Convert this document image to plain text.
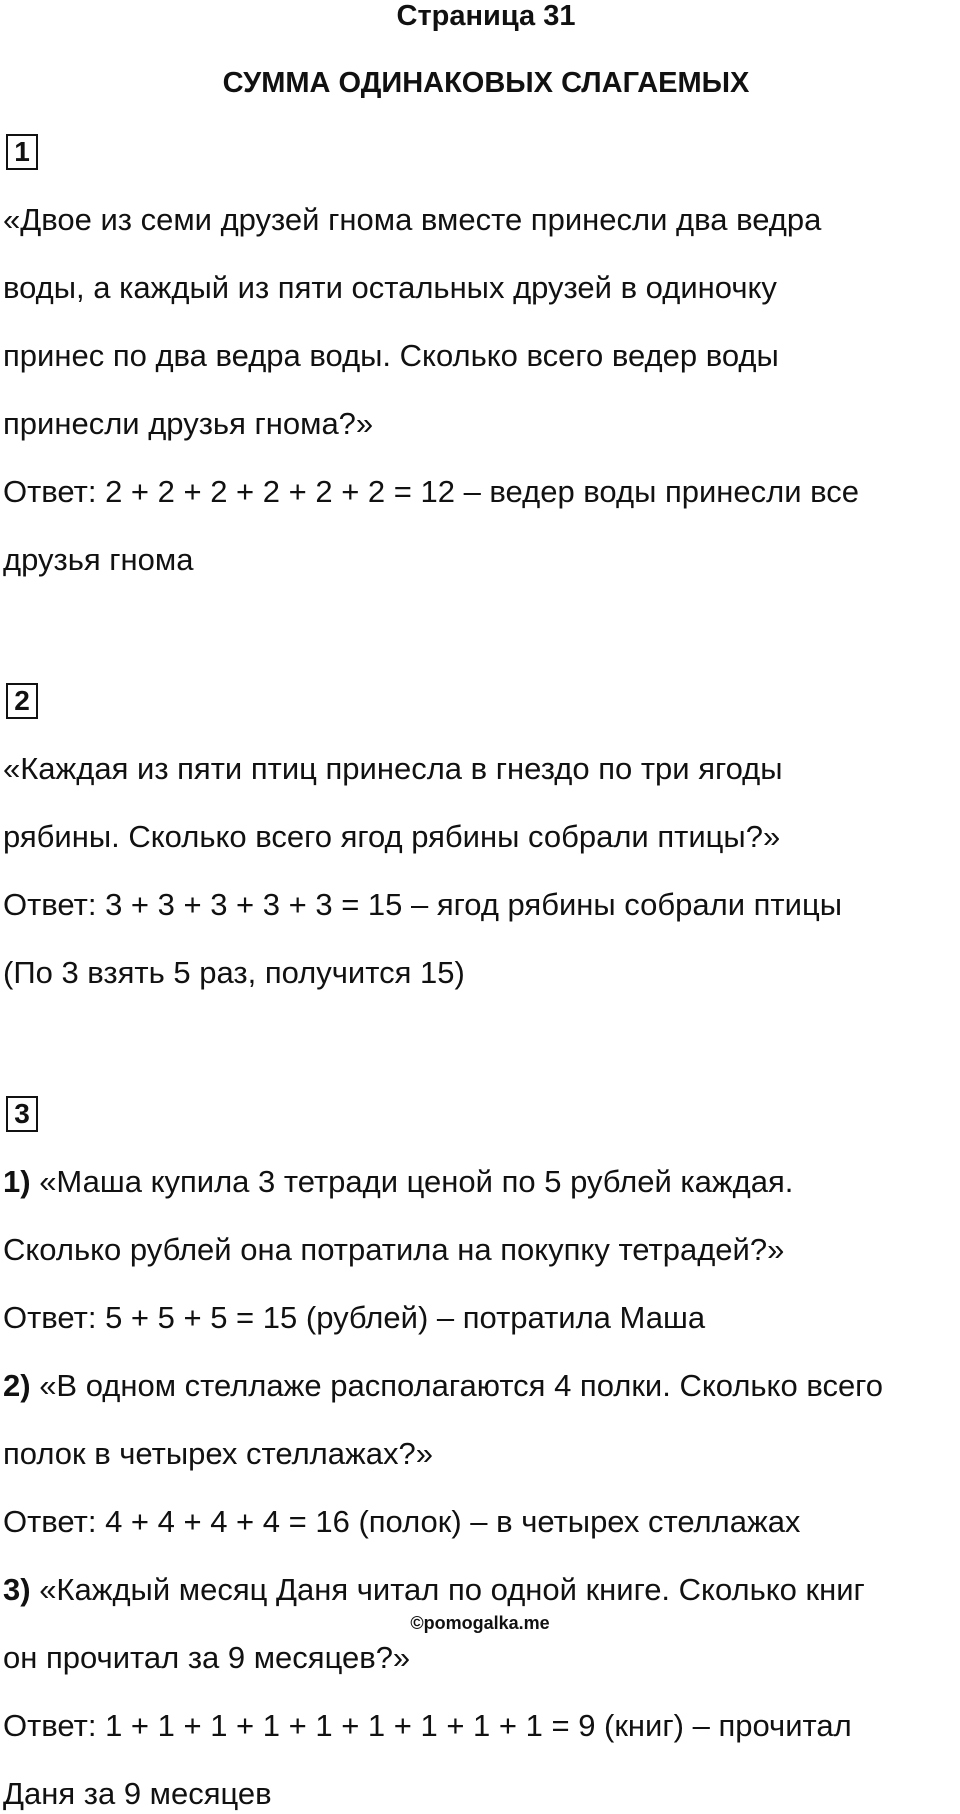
Страница 31
СУММА ОДИНАКОВЫХ СЛАГАЕМЫХ
1

«Двое из семи друзей гнома вместе принесли два ведра

воды, а каждый из пяти остальных друзей в одиночку

принес по два ведра воды. Сколько всего ведер воды

принесли друзья гнома?»

Ответ: 2 + 2 + 2 + 2 + 2 + 2 = 12 – ведер воды принесли все

друзья гнома

2

«Каждая из пяти птиц принесла в гнездо по три ягоды

рябины. Сколько всего ягод рябины собрали птицы?»

Ответ: 3 + 3 + 3 + 3 + 3 = 15 – ягод рябины собрали птицы

(По 3 взять 5 раз, получится 15)

3

1) «Маша купила 3 тетради ценой по 5 рублей каждая.

Сколько рублей она потратила на покупку тетрадей?»

Ответ: 5 + 5 + 5 = 15 (рублей) – потратила Маша

2) «В одном стеллаже располагаются 4 полки. Сколько всего

полок в четырех стеллажах?»

Ответ: 4 + 4 + 4 + 4 = 16 (полок) – в четырех стеллажах

3) «Каждый месяц Даня читал по одной книге. Сколько книг

©pomogalka.me

он прочитал за 9 месяцев?»

Ответ: 1 + 1 + 1 + 1 + 1 + 1 + 1 + 1 + 1 = 9 (книг) – прочитал

Даня за 9 месяцев
